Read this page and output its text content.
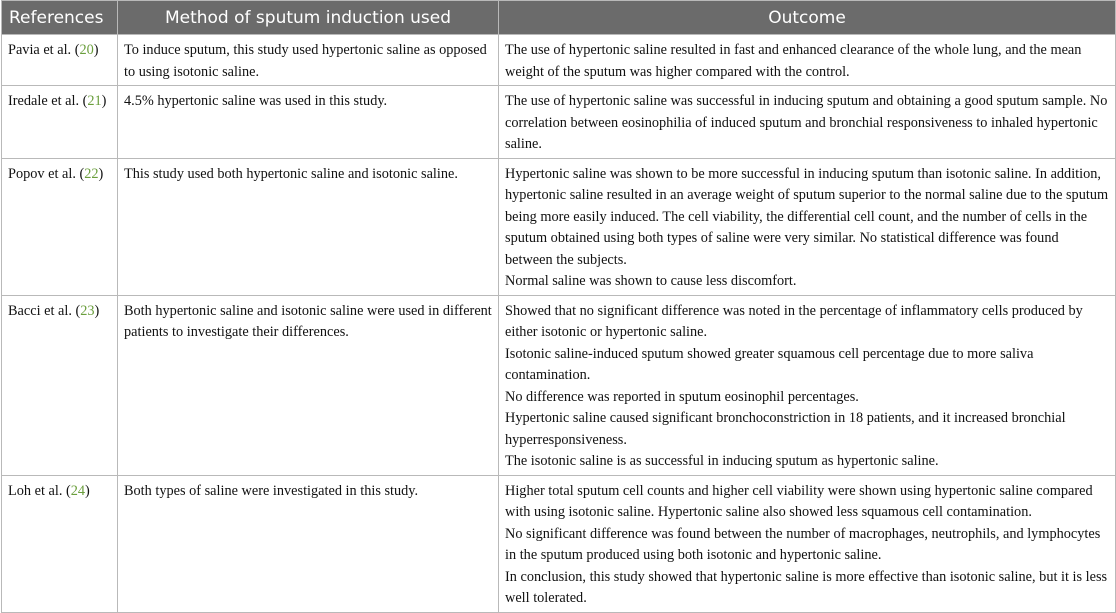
References	Method of sputum induction used	Outcome
Pavia et al. (20)	To induce sputum, this study used hypertonic saline as opposed to using isotonic saline.	The use of hypertonic saline resulted in fast and enhanced clearance of the whole lung, and the mean weight of the sputum was higher compared with the control.

Iredale et al. (21)	4.5% hypertonic saline was used in this study.	The use of hypertonic saline was successful in inducing sputum and obtaining a good sputum sample. No correlation between eosinophilia of induced sputum and bronchial responsiveness to inhaled hypertonic saline.

Popov et al. (22)	This study used both hypertonic saline and isotonic saline.	Hypertonic saline was shown to be more successful in inducing sputum than isotonic saline. In addition, hypertonic saline resulted in an average weight of sputum superior to the normal saline due to the sputum being more easily induced. The cell viability, the differential cell count, and the number of cells in the sputum obtained using both types of saline were very similar. No statistical difference was found between the subjects.
Normal saline was shown to cause less discomfort.

Bacci et al. (23)	Both hypertonic saline and isotonic saline were used in different patients to investigate their differences.	Showed that no significant difference was noted in the percentage of inflammatory cells produced by either isotonic or hypertonic saline.
Isotonic saline-induced sputum showed greater squamous cell percentage due to more saliva contamination.
No difference was reported in sputum eosinophil percentages.
Hypertonic saline caused significant bronchoconstriction in 18 patients, and it increased bronchial hyperresponsiveness.
The isotonic saline is as successful in inducing sputum as hypertonic saline.

Loh et al. (24)	Both types of saline were investigated in this study.	Higher total sputum cell counts and higher cell viability were shown using hypertonic saline compared with using isotonic saline. Hypertonic saline also showed less squamous cell contamination.
No significant difference was found between the number of macrophages, neutrophils, and lymphocytes in the sputum produced using both isotonic and hypertonic saline.
In conclusion, this study showed that hypertonic saline is more effective than isotonic saline, but it is less well tolerated.
